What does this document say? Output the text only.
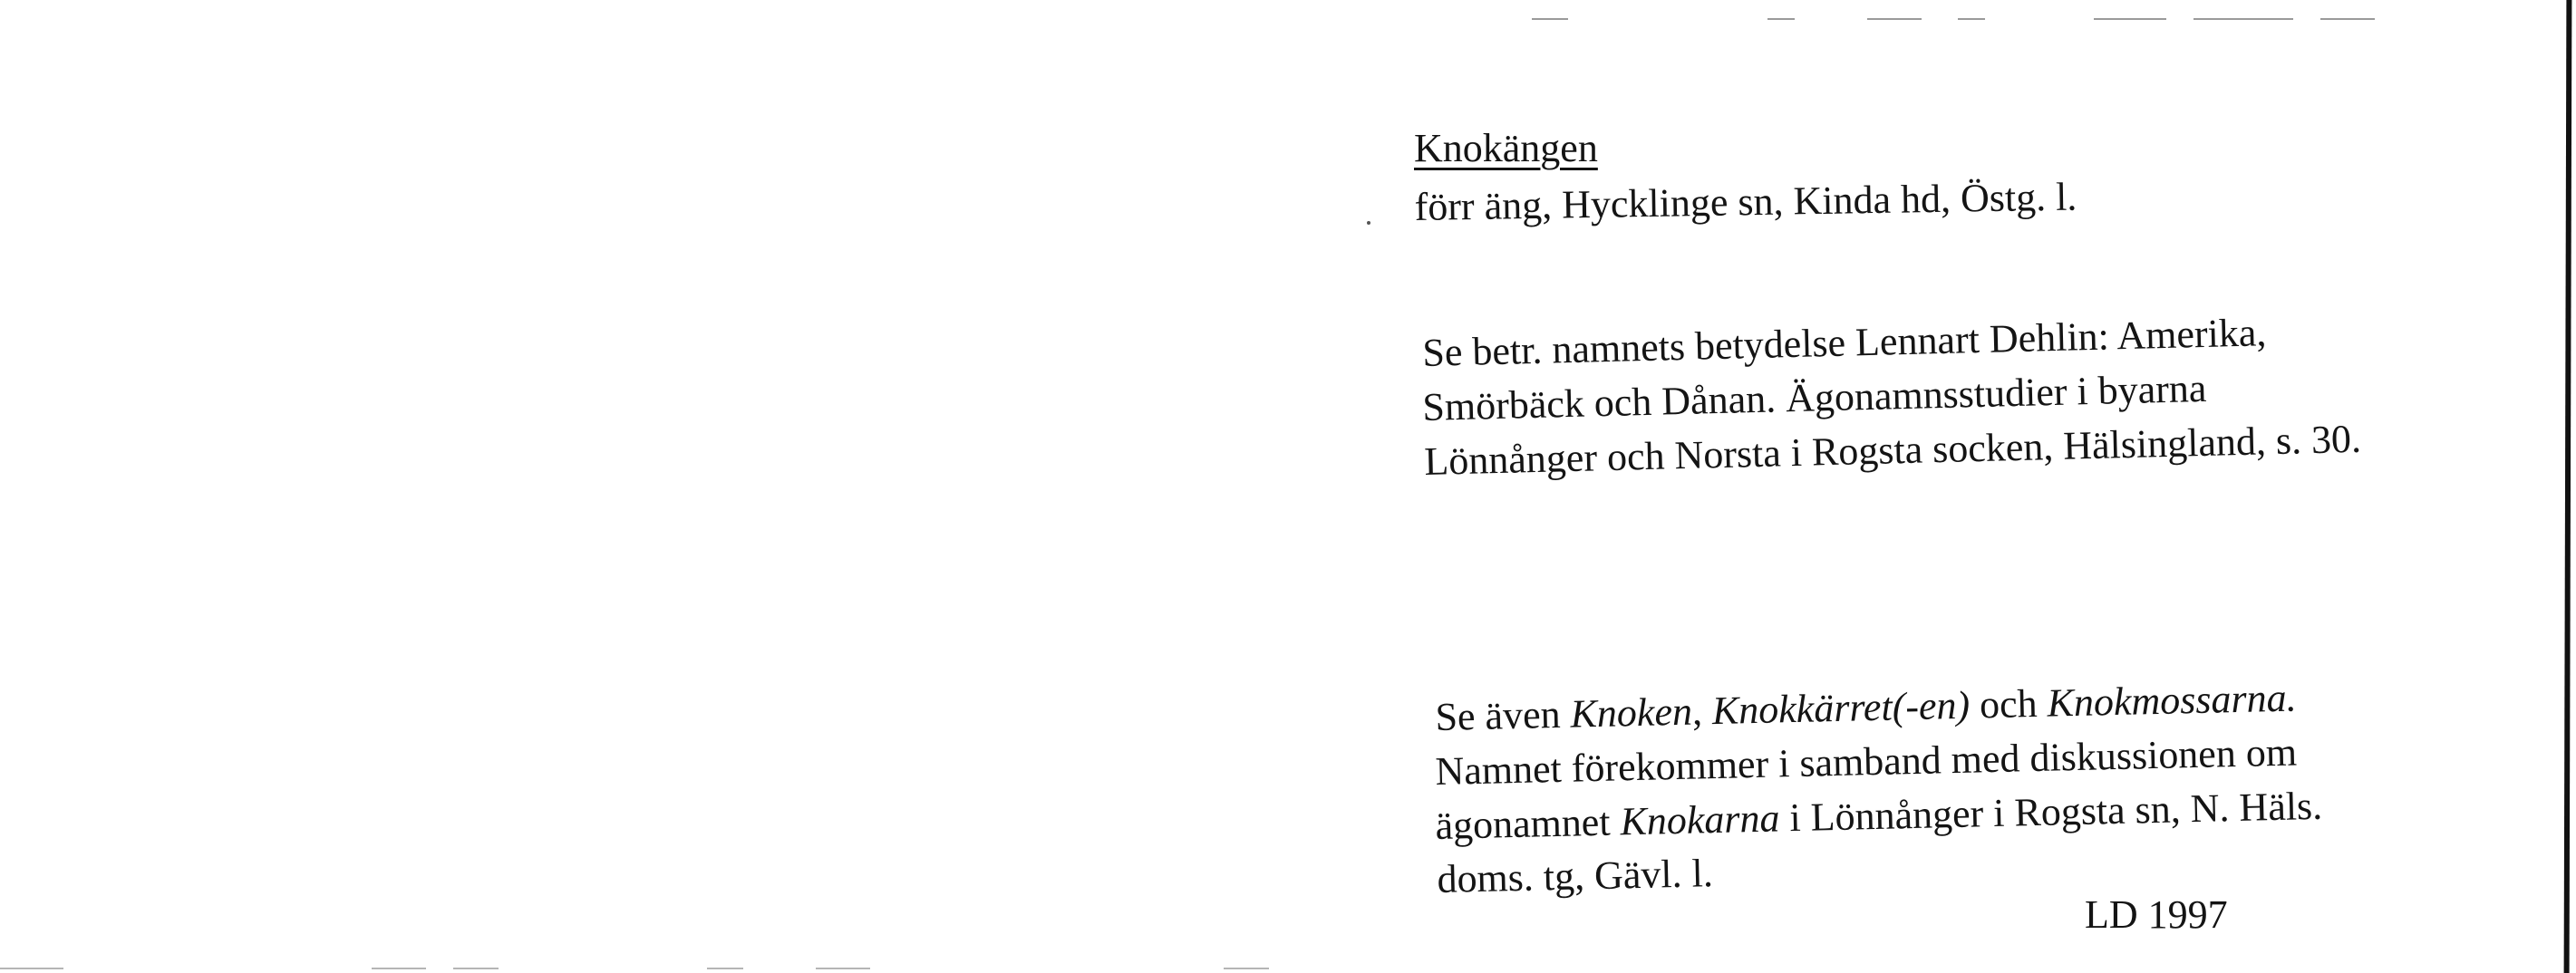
Knokängen
förr äng, Hycklinge sn, Kinda hd, Östg. l.
Se betr. namnets betydelse Lennart Dehlin: Amerika,
Smörbäck och Dånan. Ägonamnsstudier i byarna
Lönnånger och Norsta i Rogsta socken, Hälsingland, s. 30.
Se även Knoken, Knokkärret(-en) och Knokmossarna.
Namnet förekommer i samband med diskussionen om
ägonamnet Knokarna i Lönnånger i Rogsta sn, N. Häls.
doms. tg, Gävl. l.
LD 1997
